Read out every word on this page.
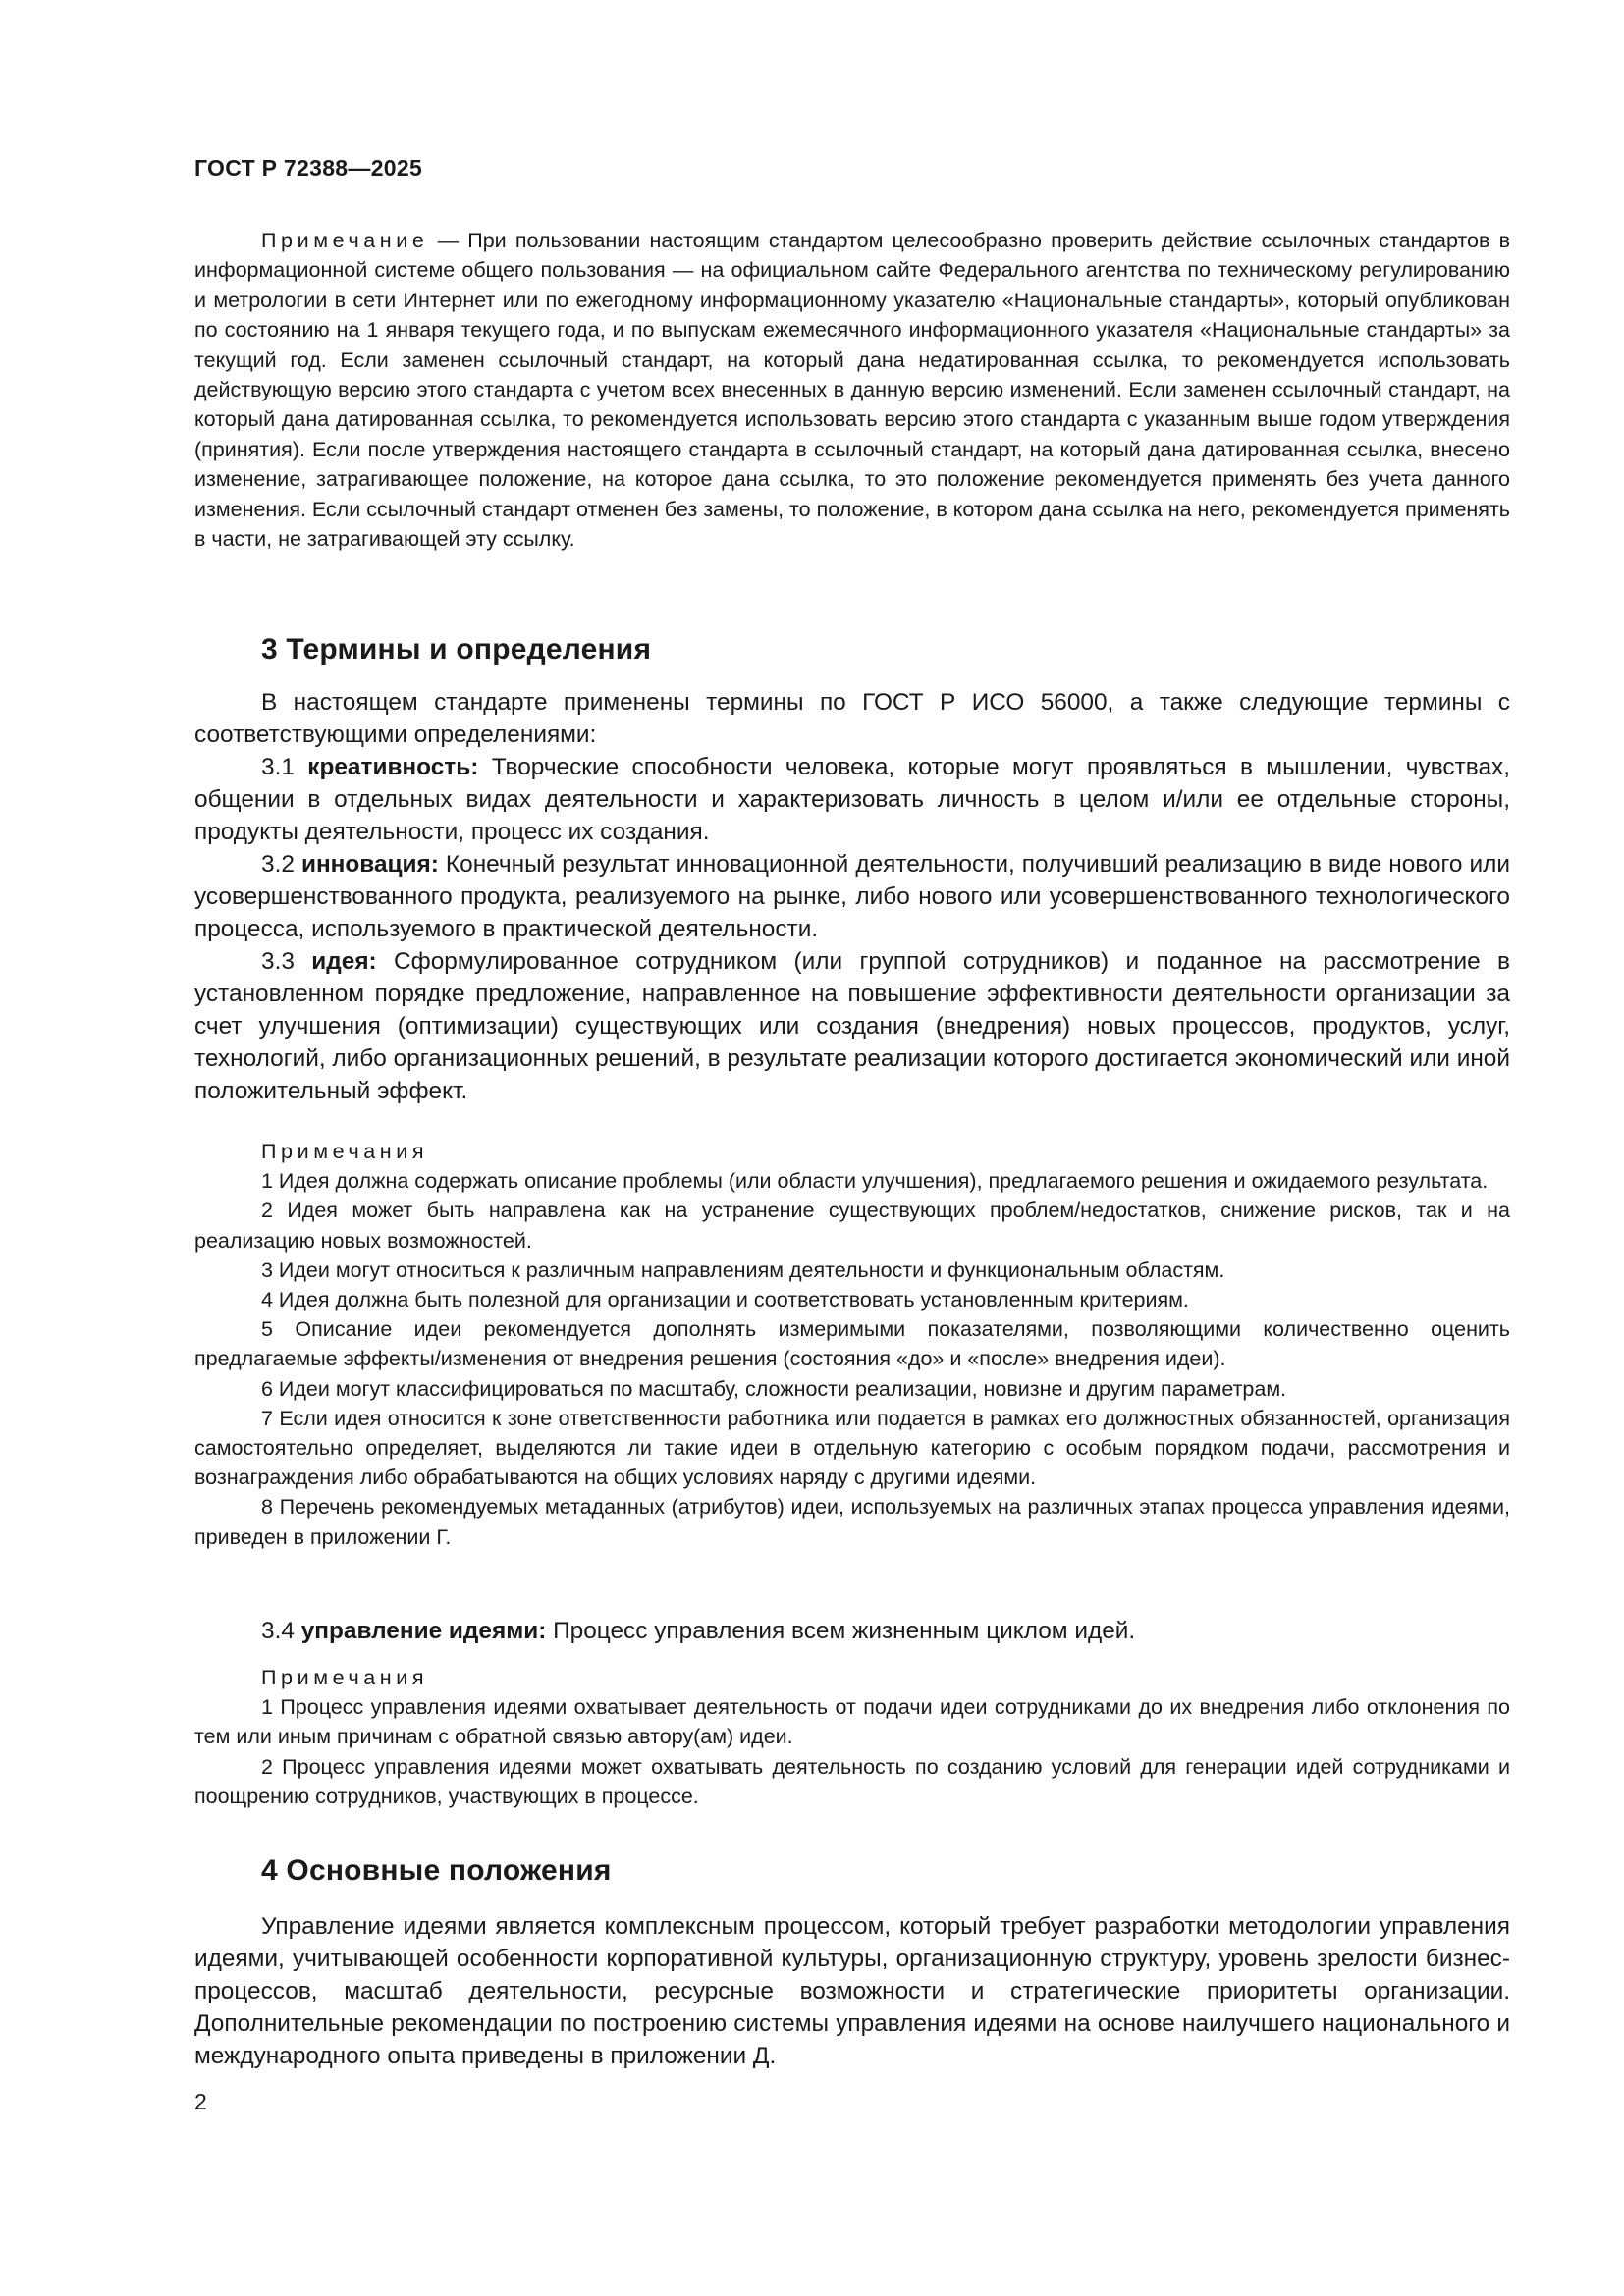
ГОСТ Р 72388—2025
Примечание — При пользовании настоящим стандартом целесообразно проверить действие ссылочных стандартов в информационной системе общего пользования — на официальном сайте Федерального агентства по техническому регулированию и метрологии в сети Интернет или по ежегодному информационному указателю «Национальные стандарты», который опубликован по состоянию на 1 января текущего года, и по выпускам ежемесячного информационного указателя «Национальные стандарты» за текущий год. Если заменен ссылочный стандарт, на который дана недатированная ссылка, то рекомендуется использовать действующую версию этого стандарта с учетом всех внесенных в данную версию изменений. Если заменен ссылочный стандарт, на который дана датированная ссылка, то рекомендуется использовать версию этого стандарта с указанным выше годом утверждения (принятия). Если после утверждения настоящего стандарта в ссылочный стандарт, на который дана датированная ссылка, внесено изменение, затрагивающее положение, на которое дана ссылка, то это положение рекомендуется применять без учета данного изменения. Если ссылочный стандарт отменен без замены, то положение, в котором дана ссылка на него, рекомендуется применять в части, не затрагивающей эту ссылку.
3 Термины и определения

В настоящем стандарте применены термины по ГОСТ Р ИСО 56000, а также следующие термины с соответствующими определениями:

3.1 креативность: Творческие способности человека, которые могут проявляться в мышлении, чувствах, общении в отдельных видах деятельности и характеризовать личность в целом и/или ее отдельные стороны, продукты деятельности, процесс их создания.

3.2 инновация: Конечный результат инновационной деятельности, получивший реализацию в виде нового или усовершенствованного продукта, реализуемого на рынке, либо нового или усовершенствованного технологического процесса, используемого в практической деятельности.

3.3 идея: Сформулированное сотрудником (или группой сотрудников) и поданное на рассмотрение в установленном порядке предложение, направленное на повышение эффективности деятельности организации за счет улучшения (оптимизации) существующих или создания (внедрения) новых процессов, продуктов, услуг, технологий, либо организационных решений, в результате реализации которого достигается экономический или иной положительный эффект.

Примечания

1 Идея должна содержать описание проблемы (или области улучшения), предлагаемого решения и ожидаемого результата.

2 Идея может быть направлена как на устранение существующих проблем/недостатков, снижение рисков, так и на реализацию новых возможностей.

3 Идеи могут относиться к различным направлениям деятельности и функциональным областям.

4 Идея должна быть полезной для организации и соответствовать установленным критериям.

5 Описание идеи рекомендуется дополнять измеримыми показателями, позволяющими количественно оценить предлагаемые эффекты/изменения от внедрения решения (состояния «до» и «после» внедрения идеи).

6 Идеи могут классифицироваться по масштабу, сложности реализации, новизне и другим параметрам.

7 Если идея относится к зоне ответственности работника или подается в рамках его должностных обязанностей, организация самостоятельно определяет, выделяются ли такие идеи в отдельную категорию с особым порядком подачи, рассмотрения и вознаграждения либо обрабатываются на общих условиях наряду с другими идеями.

8 Перечень рекомендуемых метаданных (атрибутов) идеи, используемых на различных этапах процесса управления идеями, приведен в приложении Г.

3.4 управление идеями: Процесс управления всем жизненным циклом идей.

Примечания

1 Процесс управления идеями охватывает деятельность от подачи идеи сотрудниками до их внедрения либо отклонения по тем или иным причинам с обратной связью автору(ам) идеи.

2 Процесс управления идеями может охватывать деятельность по созданию условий для генерации идей сотрудниками и поощрению сотрудников, участвующих в процессе.

4 Основные положения

Управление идеями является комплексным процессом, который требует разработки методологии управления идеями, учитывающей особенности корпоративной культуры, организационную структуру, уровень зрелости бизнес-процессов, масштаб деятельности, ресурсные возможности и стратегические приоритеты организации. Дополнительные рекомендации по построению системы управления идеями на основе наилучшего национального и международного опыта приведены в приложении Д.

2
